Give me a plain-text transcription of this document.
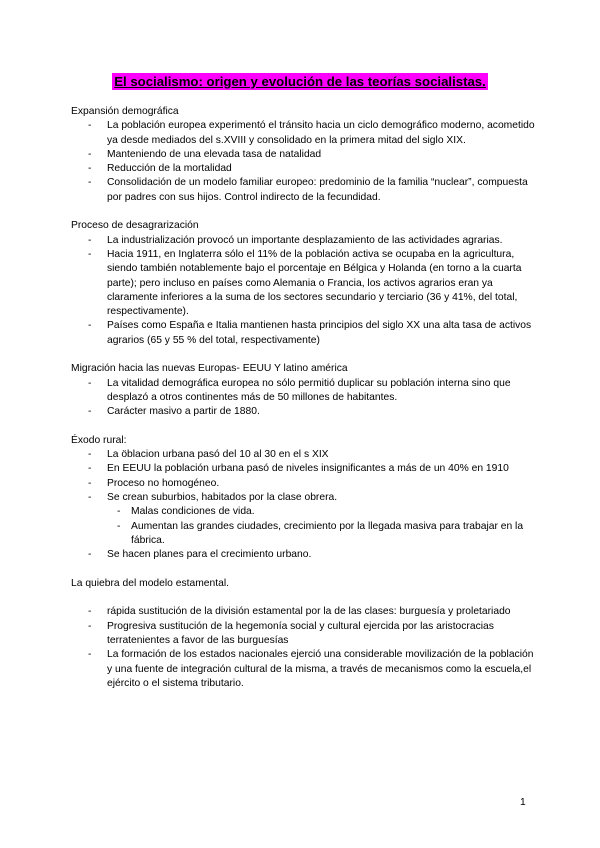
El socialismo: origen y evolución de las teorías socialistas.

Expansión demográfica

- La población europea experimentó el tránsito hacia un ciclo demográfico moderno, acometido ya desde mediados del s.XVIII y consolidado en la primera mitad del siglo XIX.
- Manteniendo de una elevada tasa de natalidad
- Reducción de la mortalidad
- Consolidación de un modelo familiar europeo: predominio de la familia “nuclear”, compuesta por padres con sus hijos. Control indirecto de la fecundidad.

Proceso de desagrarización

- La industrialización provocó un importante desplazamiento de las actividades agrarias.
- Hacia 1911, en Inglaterra sólo el 11% de la población activa se ocupaba en la agricultura, siendo también notablemente bajo el porcentaje en Bélgica y Holanda (en torno a la cuarta parte); pero incluso en países como Alemania o Francia, los activos agrarios eran ya claramente inferiores a la suma de los sectores secundario y terciario (36 y 41%, del total, respectivamente).
- Países como España e Italia mantienen hasta principios del siglo XX una alta tasa de activos agrarios (65 y 55 % del total, respectivamente)

Migración hacia las nuevas Europas- EEUU Y latino américa

- La vitalidad demográfica europea no sólo permitió duplicar su población interna sino que desplazó a otros continentes más de 50 millones de habitantes.
- Carácter masivo a partir de 1880.

Éxodo rural:

- La öblacion urbana pasó del 10 al 30 en el s XIX
- En EEUU la población urbana pasó de niveles insignificantes a más de un 40% en 1910
- Proceso no homogéneo.
- Se crean suburbios, habitados por la clase obrera.
- Malas condiciones de vida.
- Aumentan las grandes ciudades, crecimiento por la llegada masiva para trabajar en la fábrica.
- Se hacen planes para el crecimiento urbano.

La quiebra del modelo estamental.

- rápida sustitución de la división estamental por la de las clases: burguesía y proletariado
- Progresiva sustitución de la hegemonía social y cultural ejercida por las aristocracias terratenientes a favor de las burguesías
- La formación de los estados nacionales ejerció una considerable movilización de la población y una fuente de integración cultural de la misma, a través de mecanismos como la escuela,el ejército o el sistema tributario.
1
